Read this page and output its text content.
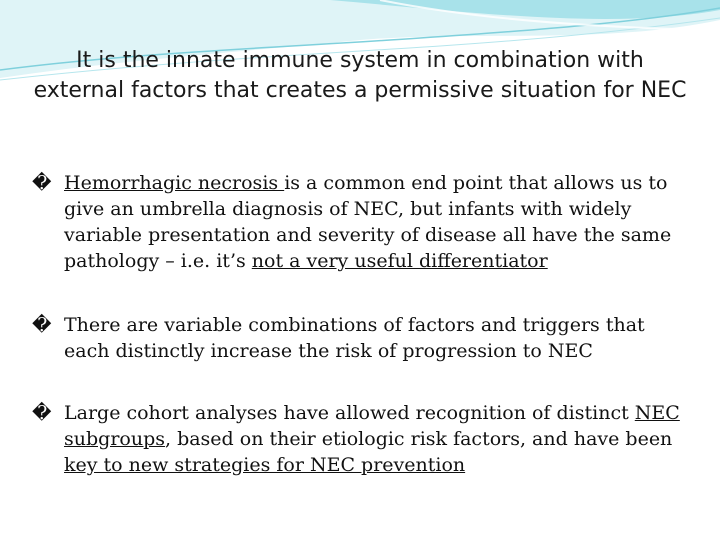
It is the innate immune system in combination with external factors that creates a permissive situation for NEC
� Hemorrhagic necrosis is a common end point that allows us to give an umbrella diagnosis of NEC, but infants with widely variable presentation and severity of disease all have the same pathology – i.e. it’s not a very useful differentiator
� There are variable combinations of factors and triggers that each distinctly increase the risk of progression to NEC
� Large cohort analyses have allowed recognition of distinct NEC subgroups, based on their etiologic risk factors, and have been key to new strategies for NEC prevention
